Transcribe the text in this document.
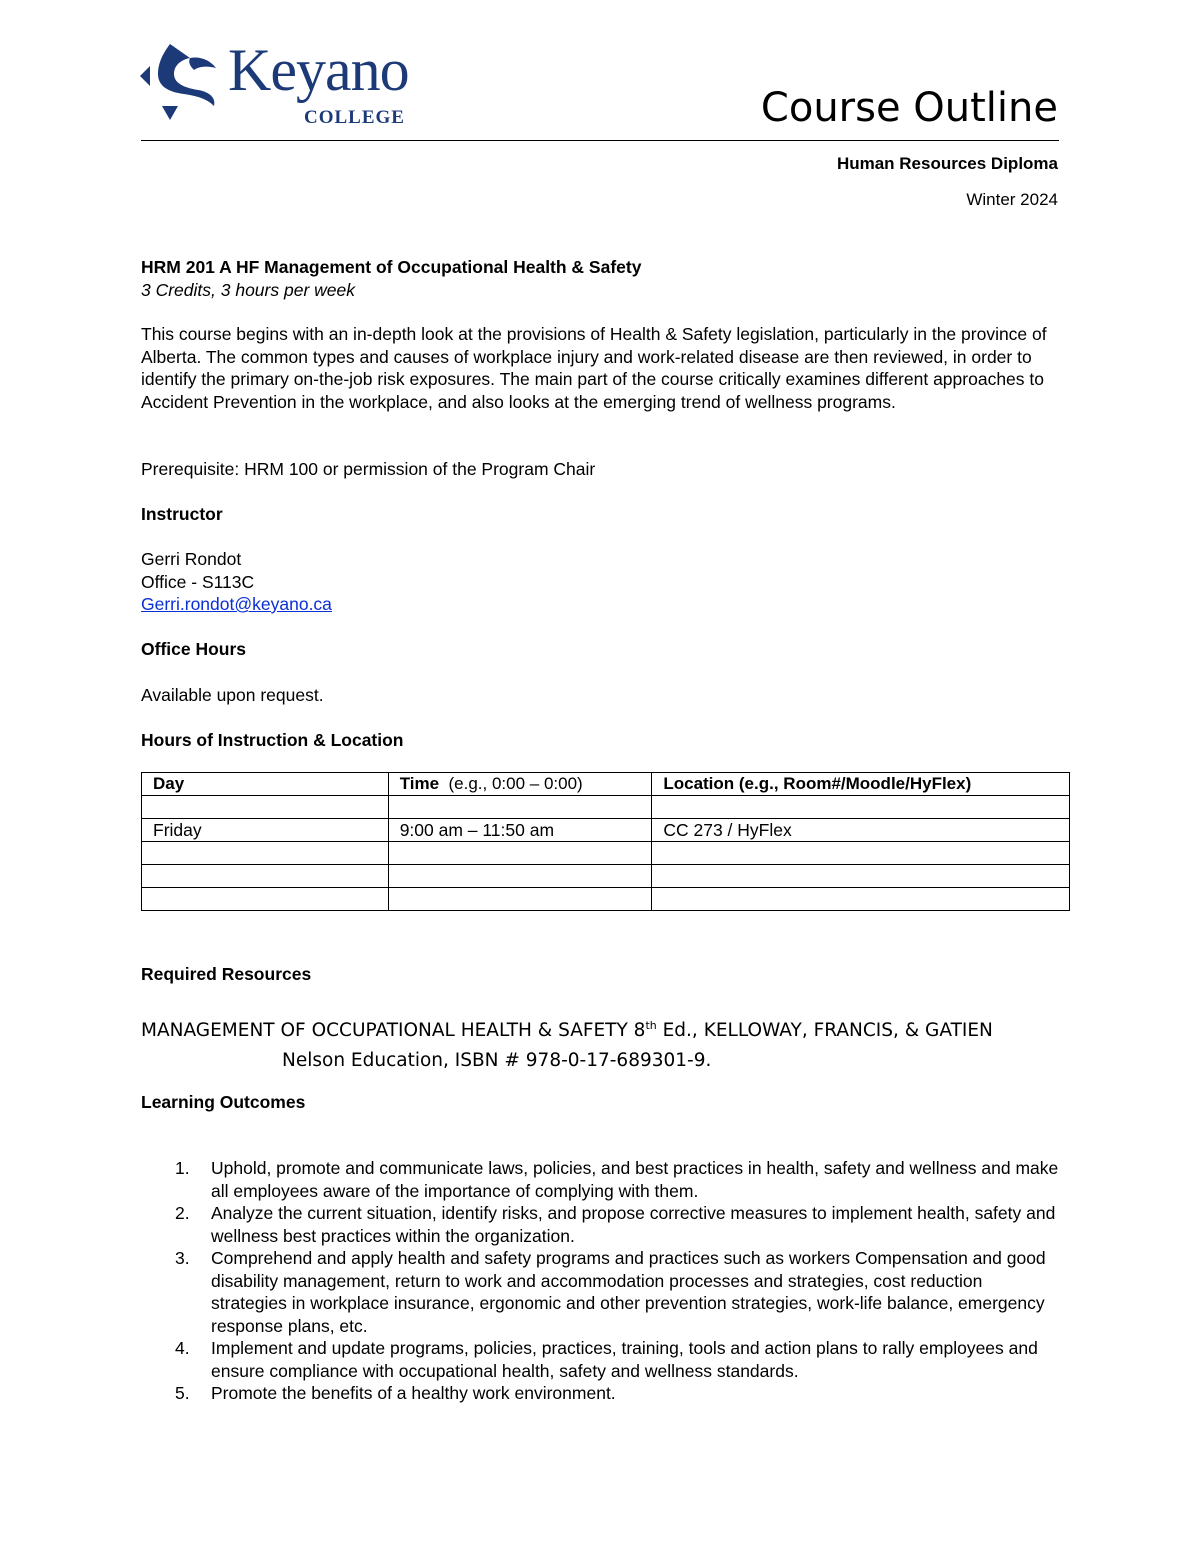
Keyano
COLLEGE	Course Outline
Human Resources Diploma
Winter 2024
HRM 201 A HF Management of Occupational Health & Safety
3 Credits, 3 hours per week
This course begins with an in-depth look at the provisions of Health & Safety legislation, particularly in the province of Alberta. The common types and causes of workplace injury and work-related disease are then reviewed, in order to identify the primary on-the-job risk exposures. The main part of the course critically examines different approaches to Accident Prevention in the workplace, and also looks at the emerging trend of wellness programs.
Prerequisite: HRM 100 or permission of the Program Chair
Instructor
Gerri Rondot
Office - S113C
Gerri.rondot@keyano.ca
Office Hours
Available upon request.
Hours of Instruction & Location
Day	Time (e.g., 0:00 – 0:00)	Location (e.g., Room#/Moodle/HyFlex)

Friday	9:00 am – 11:50 am	CC 273 / HyFlex

Required Resources
MANAGEMENT OF OCCUPATIONAL HEALTH & SAFETY 8th Ed., KELLOWAY, FRANCIS, & GATIEN
Nelson Education, ISBN # 978-0-17-689301-9.
Learning Outcomes
1. Uphold, promote and communicate laws, policies, and best practices in health, safety and wellness and make all employees aware of the importance of complying with them.
2. Analyze the current situation, identify risks, and propose corrective measures to implement health, safety and wellness best practices within the organization.
3. Comprehend and apply health and safety programs and practices such as workers Compensation and good disability management, return to work and accommodation processes and strategies, cost reduction strategies in workplace insurance, ergonomic and other prevention strategies, work-life balance, emergency response plans, etc.
4. Implement and update programs, policies, practices, training, tools and action plans to rally employees and ensure compliance with occupational health, safety and wellness standards.
5. Promote the benefits of a healthy work environment.
